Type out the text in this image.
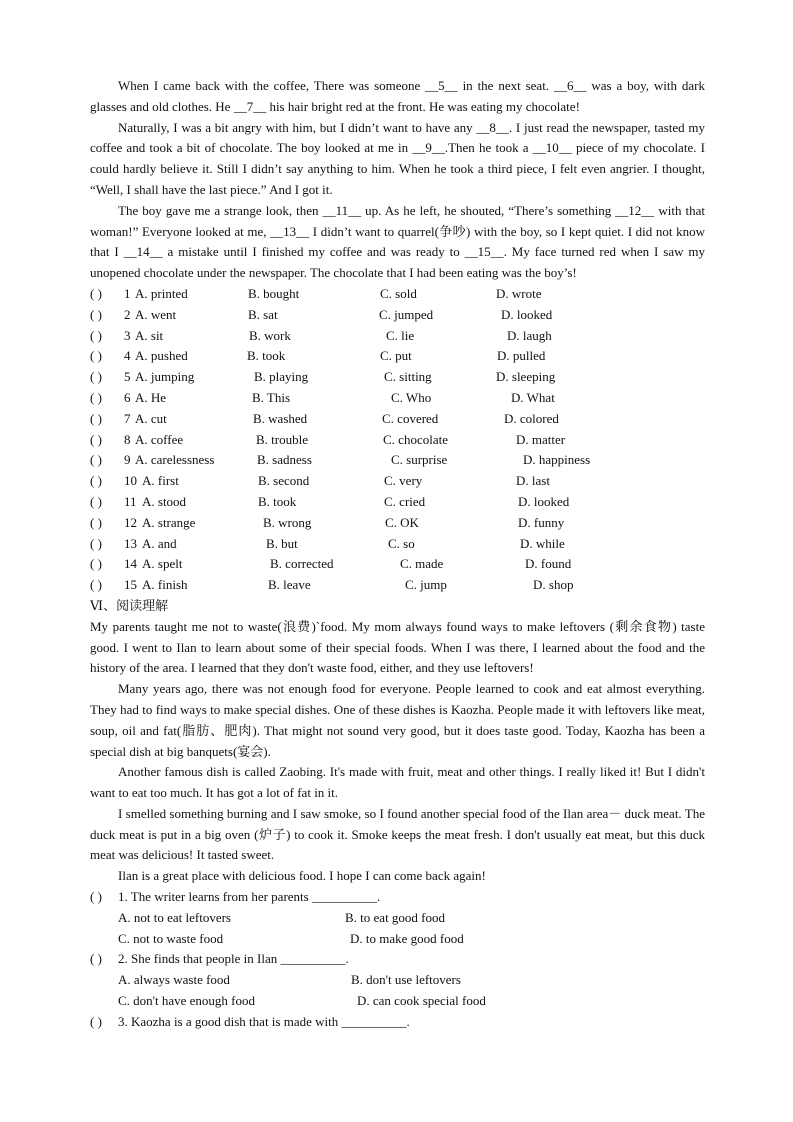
When I came back with the coffee, There was someone __5__ in the next seat. __6__ was a boy, with dark glasses and old clothes. He __7__ his hair bright red at the front. He was eating my chocolate!

Naturally, I was a bit angry with him, but I didn’t want to have any __8__. I just read the newspaper, tasted my coffee and took a bit of chocolate. The boy looked at me in __9__.Then he took a __10__ piece of my chocolate. I could hardly believe it. Still I didn’t say anything to him. When he took a third piece, I felt even angrier. I thought, “Well, I shall have the last piece.” And I got it.

The boy gave me a strange look, then __11__ up. As he left, he shouted, “There’s something __12__ with that woman!” Everyone looked at me, __13__ I didn’t want to quarrel(争吵) with the boy, so I kept quiet. I did not know that I __14__ a mistake until I finished my coffee and was ready to __15__. My face turned red when I saw my unopened chocolate under the newspaper. The chocolate that I had been eating was the boy’s!

( ) 1 A. printed	B. bought	C. sold	D. wrote
( ) 2 A. went	B. sat	C. jumped	D. looked
( ) 3 A. sit	B. work	C. lie	D. laugh
( ) 4 A. pushed	B. took	C. put	D. pulled
( ) 5 A. jumping	B. playing	C. sitting	D. sleeping
( ) 6 A. He	B. This	C. Who	D. What
( ) 7 A. cut	B. washed	C. covered	D. colored
( ) 8 A. coffee	B. trouble	C. chocolate	D. matter
( ) 9 A. carelessness	B. sadness	C. surprise	D. happiness
( ) 10 A. first	B. second	C. very	D. last
( ) 11 A. stood	B. took	C. cried	D. looked
( ) 12 A. strange	B. wrong	C. OK	D. funny
( ) 13 A. and	B. but	C. so	D. while
( ) 14 A. spelt	B. corrected	C. made	D. found
( ) 15 A. finish	B. leave	C. jump	D. shop

Ⅵ、阅读理解

My parents taught me not to waste(浪费)`food. My mom always found ways to make leftovers (剩余食物) taste good. I went to Ilan to learn about some of their special foods. When I was there, I learned about the food and the history of the area. I learned that they don't waste food, either, and they use leftovers!

Many years ago, there was not enough food for everyone. People learned to cook and eat almost everything. They had to find ways to make special dishes. One of these dishes is Kaozha. People made it with leftovers like meat, soup, oil and fat(脂肪、肥肉). That might not sound very good, but it does taste good. Today, Kaozha has been a special dish at big banquets(宴会).

Another famous dish is called Zaobing. It's made with fruit, meat and other things. I really liked it! But I didn't want to eat too much. It has got a lot of fat in it.

I smelled something burning and I saw smoke, so I found another special food of the Ilan area－ duck meat. The duck meat is put in a big oven (炉子) to cook it. Smoke keeps the meat fresh. I don't usually eat meat, but this duck meat was delicious! It tasted sweet.

Ilan is a great place with delicious food. I hope I can come back again!

( ) 1. The writer learns from her parents __________.
A. not to eat leftovers	B. to eat good food
C. not to waste food	D. to make good food
( ) 2. She finds that people in Ilan __________.
A. always waste food	B. don't use leftovers
C. don't have enough food	D. can cook special food
( ) 3. Kaozha is a good dish that is made with __________.
